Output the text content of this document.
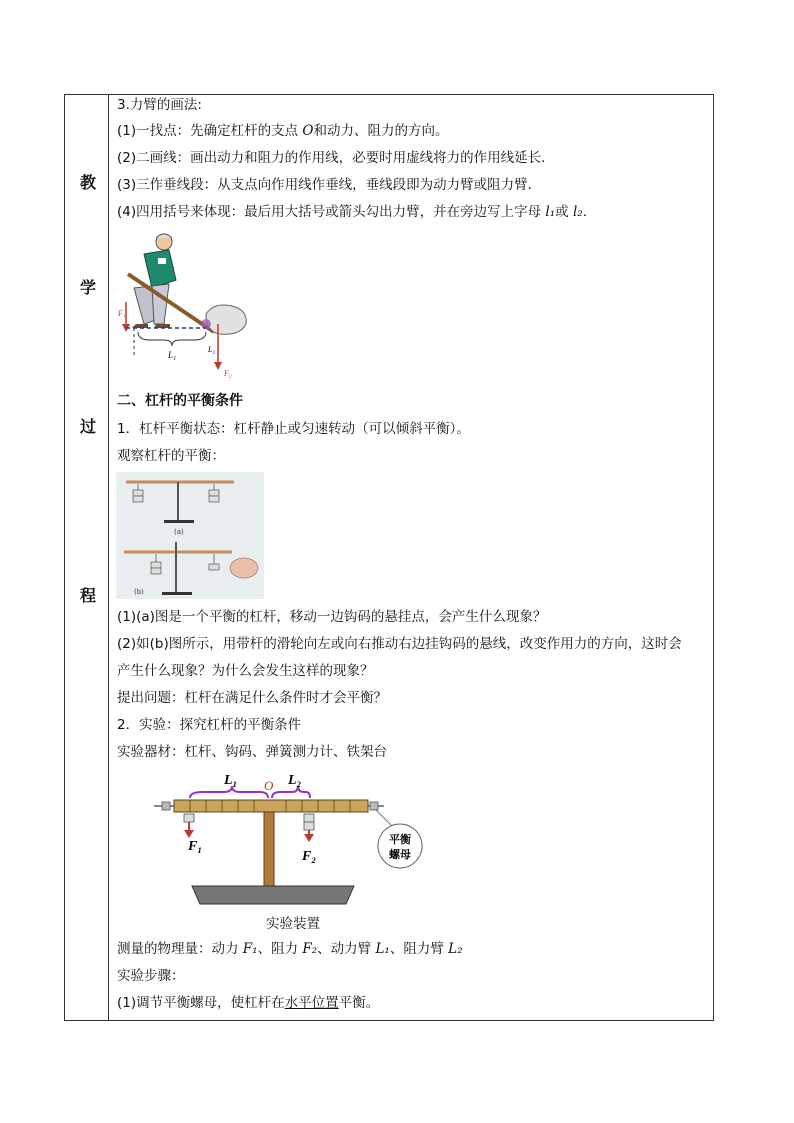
教
学
过
程
3.力臂的画法:
(1)一找点：先确定杠杆的支点 O和动力、阻力的方向。
(2)二画线：画出动力和阻力的作用线，必要时用虚线将力的作用线延长．
(3)三作垂线段：从支点向作用线作垂线，垂线段即为动力臂或阻力臂．
(4)四用括号来体现：最后用大括号或箭头勾出力臂，并在旁边写上字母 l₁或 l₂.
L₁
L₂
F₁
F₂
二、杠杆的平衡条件
1．杠杆平衡状态：杠杆静止或匀速转动（可以倾斜平衡）。
观察杠杆的平衡：
(a)
(b)
(1)(a)图是一个平衡的杠杆，移动一边钩码的悬挂点，会产生什么现象？
(2)如(b)图所示，用带杆的滑轮向左或向右推动右边挂钩码的悬线，改变作用力的方向，这时会
产生什么现象？为什么会发生这样的现象？
提出问题：杠杆在满足什么条件时才会平衡？
2．实验：探究杠杆的平衡条件
实验器材：杠杆、钩码、弹簧测力计、铁架台
L₁ O L₂
F₁
F₂
平衡
螺母
实验装置
测量的物理量：动力 F₁、阻力 F₂、动力臂 L₁、阻力臂 L₂
实验步骤：
(1)调节平衡螺母，使杠杆在水平位置平衡。
